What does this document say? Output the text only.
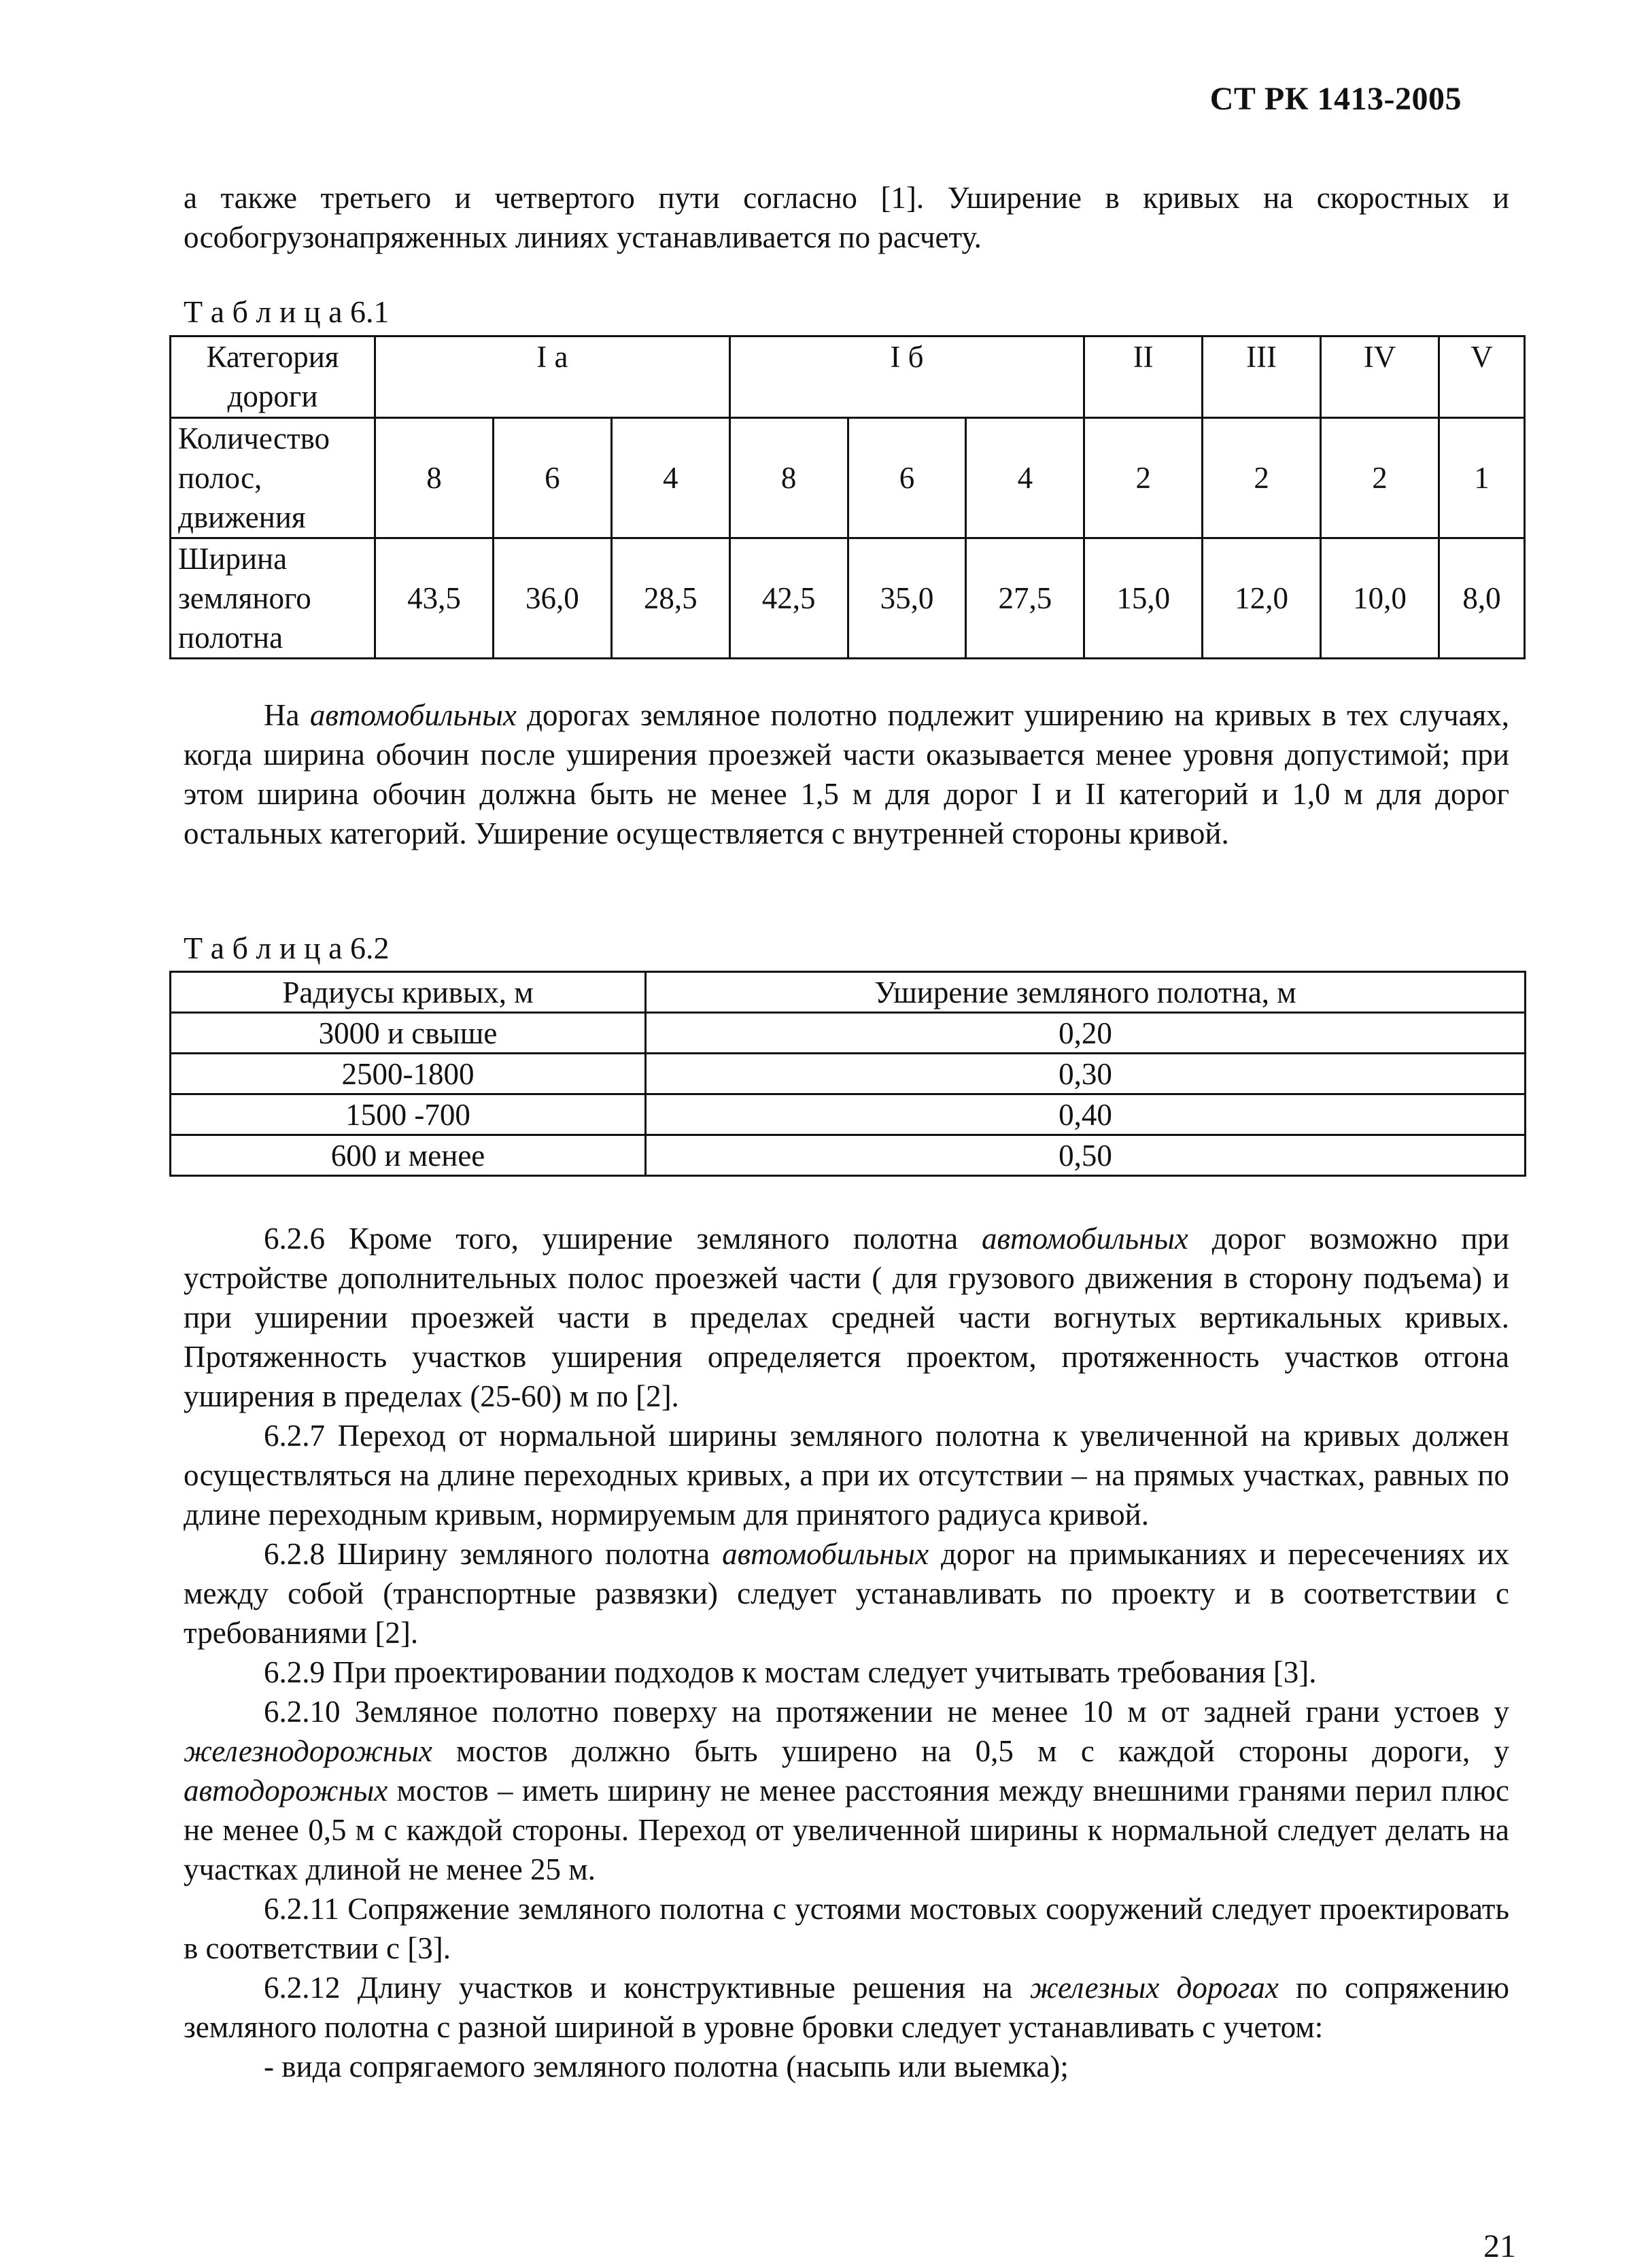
СТ РК 1413-2005

а также третьего и четвертого пути согласно [1]. Уширение в кривых на скоростных и особогрузонапряженных линиях устанавливается по расчету.

Т а б л и ц а 6.1
Категория дороги	I а			I б			II	III	IV	V
Количество полос, движения	8	6	4	8	6	4	2	2	2	1
Ширина земляного полотна	43,5	36,0	28,5	42,5	35,0	27,5	15,0	12,0	10,0	8,0

На автомобильных дорогах земляное полотно подлежит уширению на кривых в тех случаях, когда ширина обочин после уширения проезжей части оказывается менее уровня допустимой; при этом ширина обочин должна быть не менее 1,5 м для дорог I и II категорий и 1,0 м для дорог остальных категорий. Уширение осуществляется с внутренней стороны кривой.

Т а б л и ц а 6.2
Радиусы кривых, м	Уширение земляного полотна, м
3000 и свыше	0,20
2500-1800	0,30
1500 -700	0,40
600 и менее	0,50

6.2.6 Кроме того, уширение земляного полотна автомобильных дорог возможно при устройстве дополнительных полос проезжей части ( для грузового движения в сторону подъема) и при уширении проезжей части в пределах средней части вогнутых вертикальных кривых. Протяженность участков уширения определяется проектом, протяженность участков отгона уширения в пределах (25-60) м по [2].

6.2.7 Переход от нормальной ширины земляного полотна к увеличенной на кривых должен осуществляться на длине переходных кривых, а при их отсутствии – на прямых участках, равных по длине переходным кривым, нормируемым для принятого радиуса кривой.

6.2.8 Ширину земляного полотна автомобильных дорог на примыканиях и пересечениях их между собой (транспортные развязки) следует устанавливать по проекту и в соответствии с требованиями [2].

6.2.9 При проектировании подходов к мостам следует учитывать требования [3].

6.2.10 Земляное полотно поверху на протяжении не менее 10 м от задней грани устоев у железнодорожных мостов должно быть уширено на 0,5 м с каждой стороны дороги, у автодорожных мостов – иметь ширину не менее расстояния между внешними гранями перил плюс не менее 0,5 м с каждой стороны. Переход от увеличенной ширины к нормальной следует делать на участках длиной не менее 25 м.

6.2.11 Сопряжение земляного полотна с устоями мостовых сооружений следует проектировать в соответствии с [3].

6.2.12 Длину участков и конструктивные решения на железных дорогах по сопряжению земляного полотна с разной шириной в уровне бровки следует устанавливать с учетом:

- вида сопрягаемого земляного полотна (насыпь или выемка);

21
